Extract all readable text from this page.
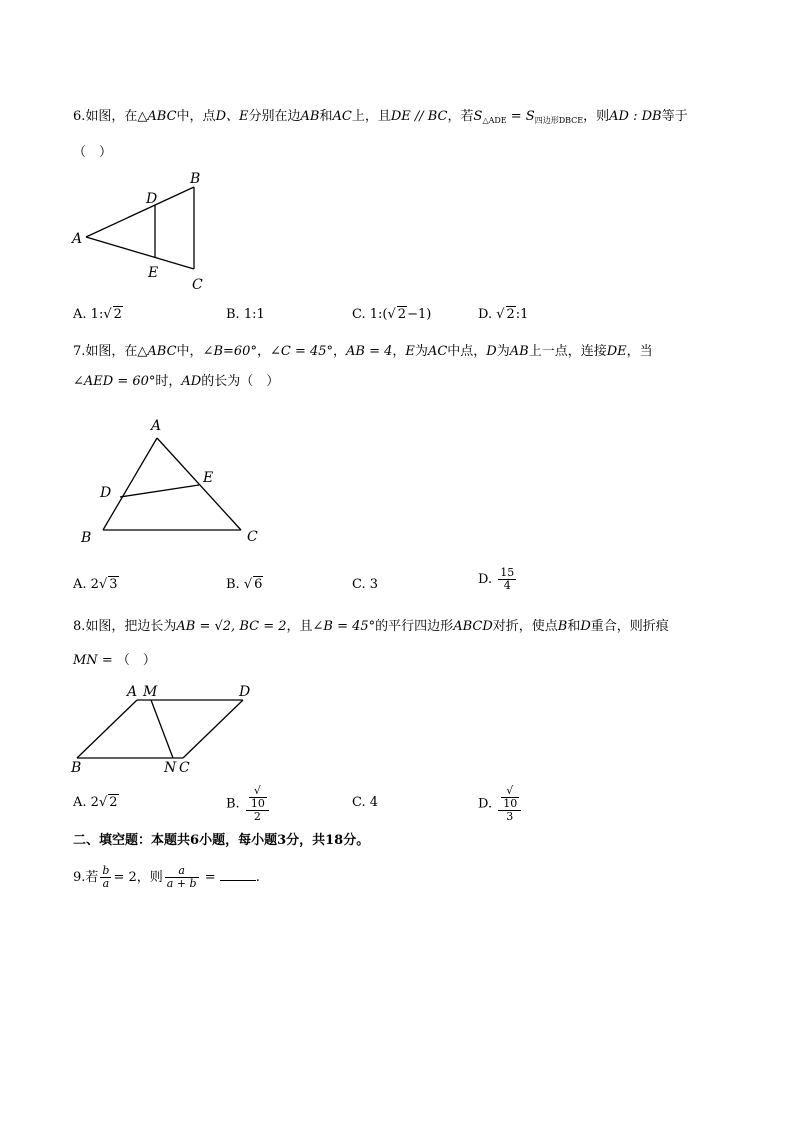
6.如图，在△ABC中，点D、E分别在边AB和AC上，且DE // BC，若$S_{\triangle ADE} = S_{四边形DBCE}$，则AD : DB等于
（　）
A
B
C
D
E
A. 1:√ 2	B. 1:1	C. 1:(√ 2−1)	D. √ 2:1
7.如图，在△ABC中，∠B=60°，∠C = 45°，AB = 4，E为AC中点，D为AB上一点，连接DE，当
∠AED = 60°时，AD的长为（　）
A
B	C
D
E
A. 2√ 3	B. √ 6	C. 3	D. $\frac{15}{4}$
8.如图，把边长为AB = √2, BC = 2，且∠B = 45°的平行四边形ABCD对折，使点B和D重合，则折痕
MN = （　）
A M	D
B	N C
A. 2√ 2	B. √
10
2	C. 4	D. √
10
3
二、填空题：本题共6小题，每小题3分，共18分。
9.若 $\frac{b}{a} = 2$，则 $\frac{a}{a + b}$ =	.
